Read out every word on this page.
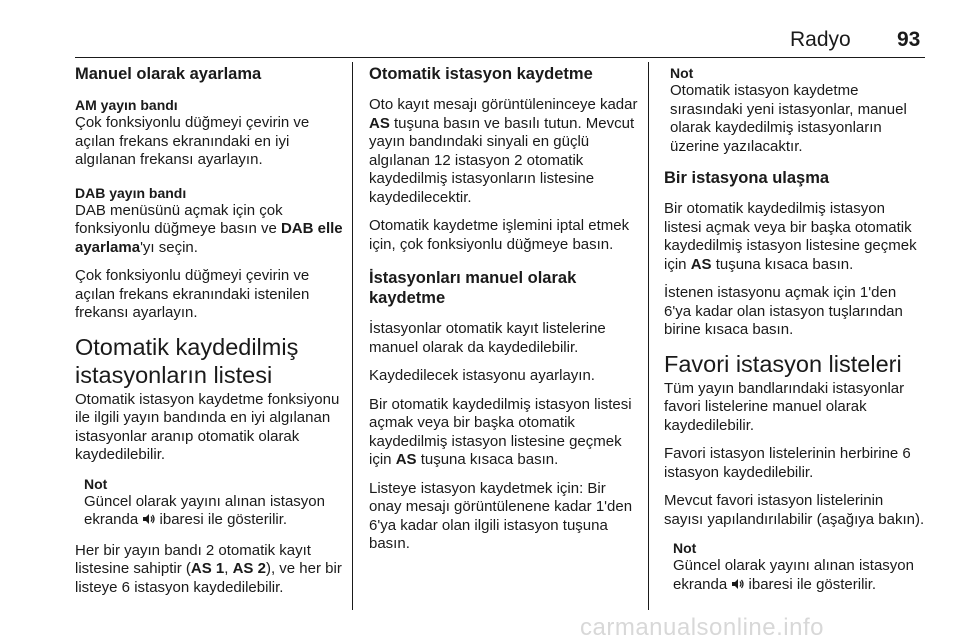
Radyo 93
Manuel olarak ayarlama
AM yayın bandı

Çok fonksiyonlu düğmeyi çevirin ve açılan frekans ekranındaki en iyi algılanan frekansı ayarlayın.

DAB yayın bandı

DAB menüsünü açmak için çok fonksiyonlu düğmeye basın ve DAB elle ayarlama'yı seçin.

Çok fonksiyonlu düğmeyi çevirin ve açılan frekans ekranındaki istenilen frekansı ayarlayın.

Otomatik kaydedilmiş istasyonların listesi

Otomatik istasyon kaydetme fonksiyonu ile ilgili yayın bandında en iyi algılanan istasyonlar aranıp otomatik olarak kaydedilebilir.

Not

Güncel olarak yayını alınan istasyon ekranda  ibaresi ile gösterilir.

Her bir yayın bandı 2 otomatik kayıt listesine sahiptir (AS 1, AS 2), ve her bir listeye 6 istasyon kaydedilebilir.

Otomatik istasyon kaydetme

Oto kayıt mesajı görüntüleninceye kadar AS tuşuna basın ve basılı tutun. Mevcut yayın bandındaki sinyali en güçlü algılanan 12 istasyon 2 otomatik kaydedilmiş istasyonların listesine kaydedilecektir.

Otomatik kaydetme işlemini iptal etmek için, çok fonksiyonlu düğmeye basın.

İstasyonları manuel olarak kaydetme

İstasyonlar otomatik kayıt listelerine manuel olarak da kaydedilebilir.

Kaydedilecek istasyonu ayarlayın.

Bir otomatik kaydedilmiş istasyon listesi açmak veya bir başka otomatik kaydedilmiş istasyon listesine geçmek için AS tuşuna kısaca basın.

Listeye istasyon kaydetmek için: Bir onay mesajı görüntülenene kadar 1'den 6'ya kadar olan ilgili istasyon tuşuna basın.

Not

Otomatik istasyon kaydetme sırasındaki yeni istasyonlar, manuel olarak kaydedilmiş istasyonların üzerine yazılacaktır.

Bir istasyona ulaşma

Bir otomatik kaydedilmiş istasyon listesi açmak veya bir başka otomatik kaydedilmiş istasyon listesine geçmek için AS tuşuna kısaca basın.

İstenen istasyonu açmak için 1'den 6'ya kadar olan istasyon tuşlarından birine kısaca basın.

Favori istasyon listeleri

Tüm yayın bandlarındaki istasyonlar favori listelerine manuel olarak kaydedilebilir.

Favori istasyon listelerinin herbirine 6 istasyon kaydedilebilir.

Mevcut favori istasyon listelerinin sayısı yapılandırılabilir (aşağıya bakın).

Not

Güncel olarak yayını alınan istasyon ekranda  ibaresi ile gösterilir.

carmanualsonline.info
